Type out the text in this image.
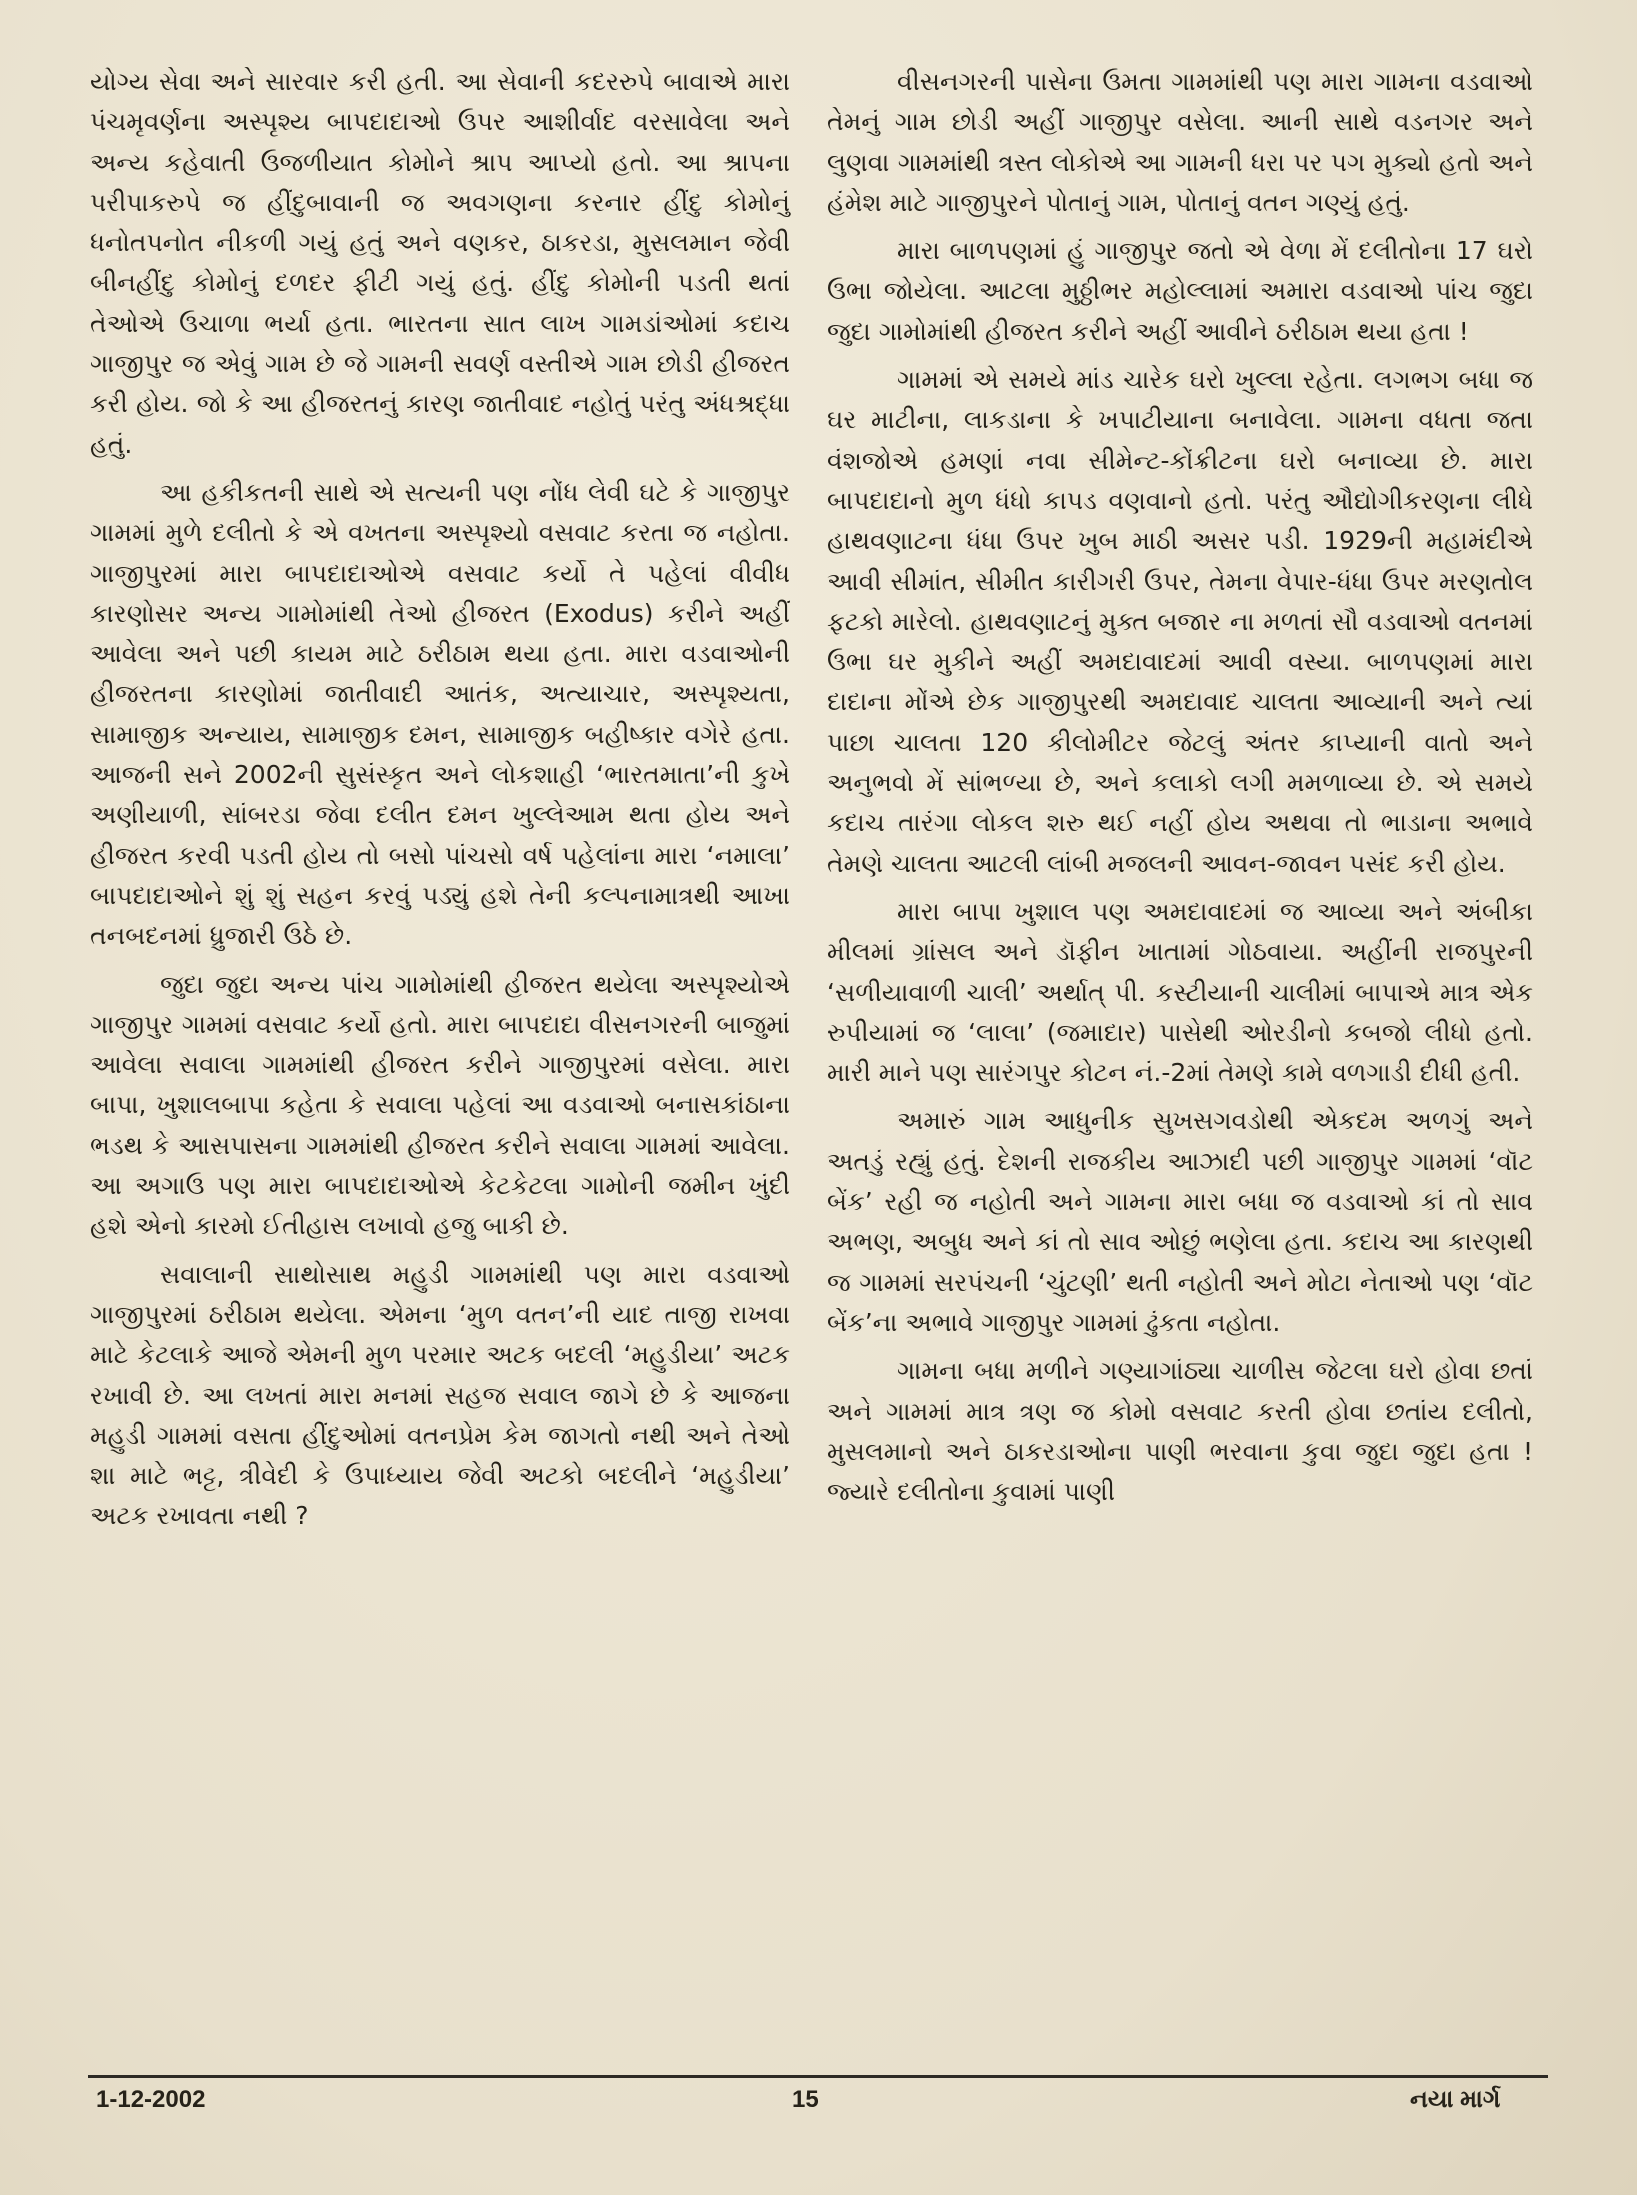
યોગ્ય સેવા અને સારવાર કરી હતી. આ સેવાની કદરરુપે બાવાએ મારા પંચમૃવર્ણના અસ્પૃશ્ય બાપદાદાઓ ઉપર આશીર્વાદ વરસાવેલા અને અન્ય કહેવાતી ઉજળીયાત કોમોને શ્રાપ આપ્યો હતો. આ શ્રાપના પરીપાકરુપે જ હીંદુબાવાની જ અવગણના કરનાર હીંદુ કોમોનું ધનોતપનોત નીકળી ગયું હતું અને વણકર, ઠાકરડા, મુસલમાન જેવી બીનહીંદુ કોમોનું દળદર ફીટી ગયું હતું. હીંદુ કોમોની પડતી થતાં તેઓએ ઉચાળા ભર્યા હતા. ભારતના સાત લાખ ગામડાંઓમાં કદાચ ગાજીપુર જ એવું ગામ છે જે ગામની સવર્ણ વસ્તીએ ગામ છોડી હીજરત કરી હોય. જો કે આ હીજરતનું કારણ જાતીવાદ નહોતું પરંતુ અંધશ્રદ્ધા હતું.

આ હકીકતની સાથે એ સત્યની પણ નોંધ લેવી ઘટે કે ગાજીપુર ગામમાં મુળે દલીતો કે એ વખતના અસ્પૃશ્યો વસવાટ કરતા જ નહોતા. ગાજીપુરમાં મારા બાપદાદાઓએ વસવાટ કર્યો તે પહેલાં વીવીધ કારણોસર અન્ય ગામોમાંથી તેઓ હીજરત (Exodus) કરીને અહીં આવેલા અને પછી કાયમ માટે ઠરીઠામ થયા હતા. મારા વડવાઓની હીજરતના કારણોમાં જાતીવાદી આતંક, અત્યાચાર, અસ્પૃશ્યતા, સામાજીક અન્યાય, સામાજીક દમન, સામાજીક બહીષ્કાર વગેરે હતા. આજની સને 2002ની સુસંસ્કૃત અને લોકશાહી ‘ભારતમાતા’ની કુખે અણીયાળી, સાંબરડા જેવા દલીત દમન ખુલ્લેઆમ થતા હોય અને હીજરત કરવી પડતી હોય તો બસો પાંચસો વર્ષ પહેલાંના મારા ‘નમાલા’ બાપદાદાઓને શું શું સહન કરવું પડ્યું હશે તેની કલ્પનામાત્રથી આખા તનબદનમાં ધ્રુજારી ઉઠે છે.

જુદા જુદા અન્ય પાંચ ગામોમાંથી હીજરત થયેલા અસ્પૃશ્યોએ ગાજીપુર ગામમાં વસવાટ કર્યો હતો. મારા બાપદાદા વીસનગરની બાજુમાં આવેલા સવાલા ગામમાંથી હીજરત કરીને ગાજીપુરમાં વસેલા. મારા બાપા, ખુશાલબાપા કહેતા કે સવાલા પહેલાં આ વડવાઓ બનાસકાંઠાના ભડથ કે આસપાસના ગામમાંથી હીજરત કરીને સવાલા ગામમાં આવેલા. આ અગાઉ પણ મારા બાપદાદાઓએ કેટકેટલા ગામોની જમીન ખુંદી હશે એનો કારમો ઈતીહાસ લખાવો હજુ બાકી છે.

સવાલાની સાથોસાથ મહુડી ગામમાંથી પણ મારા વડવાઓ ગાજીપુરમાં ઠરીઠામ થયેલા. એમના ‘મુળ વતન’ની યાદ તાજી રાખવા માટે કેટલાકે આજે એમની મુળ પરમાર અટક બદલી ‘મહુડીયા’ અટક રખાવી છે. આ લખતાં મારા મનમાં સહજ સવાલ જાગે છે કે આજના મહુડી ગામમાં વસતા હીંદુઓમાં વતનપ્રેમ કેમ જાગતો નથી અને તેઓ શા માટે ભટ્ટ, ત્રીવેદી કે ઉપાધ્યાય જેવી અટકો બદલીને ‘મહુડીયા’ અટક રખાવતા નથી ?

વીસનગરની પાસેના ઉમતા ગામમાંથી પણ મારા ગામના વડવાઓ તેમનું ગામ છોડી અહીં ગાજીપુર વસેલા. આની સાથે વડનગર અને લુણવા ગામમાંથી ત્રસ્ત લોકોએ આ ગામની ધરા પર પગ મુક્યો હતો અને હંમેશ માટે ગાજીપુરને પોતાનું ગામ, પોતાનું વતન ગણ્યું હતું.

મારા બાળપણમાં હું ગાજીપુર જતો એ વેળા મેં દલીતોના 17 ઘરો ઉભા જોયેલા. આટલા મુઠ્ઠીભર મહોલ્લામાં અમારા વડવાઓ પાંચ જુદા જુદા ગામોમાંથી હીજરત કરીને અહીં આવીને ઠરીઠામ થયા હતા !

ગામમાં એ સમયે માંડ ચારેક ઘરો ખુલ્લા રહેતા. લગભગ બધા જ ઘર માટીના, લાકડાના કે ખપાટીયાના બનાવેલા. ગામના વધતા જતા વંશજોએ હમણાં નવા સીમેન્ટ-કોંક્રીટના ઘરો બનાવ્યા છે. મારા બાપદાદાનો મુળ ધંધો કાપડ વણવાનો હતો. પરંતુ ઔદ્યોગીકરણના લીધે હાથવણાટના ધંધા ઉપર ખુબ માઠી અસર પડી. 1929ની મહામંદીએ આવી સીમાંત, સીમીત કારીગરી ઉપર, તેમના વેપાર-ધંધા ઉપર મરણતોલ ફટકો મારેલો. હાથવણાટનું મુક્ત બજાર ના મળતાં સૌ વડવાઓ વતનમાં ઉભા ઘર મુકીને અહીં અમદાવાદમાં આવી વસ્યા. બાળપણમાં મારા દાદાના મોંએ છેક ગાજીપુરથી અમદાવાદ ચાલતા આવ્યાની અને ત્યાં પાછા ચાલતા 120 કીલોમીટર જેટલું અંતર કાપ્યાની વાતો અને અનુભવો મેં સાંભળ્યા છે, અને કલાકો લગી મમળાવ્યા છે. એ સમયે કદાચ તારંગા લોકલ શરુ થઈ નહીં હોય અથવા તો ભાડાના અભાવે તેમણે ચાલતા આટલી લાંબી મજલની આવન-જાવન પસંદ કરી હોય.

મારા બાપા ખુશાલ પણ અમદાવાદમાં જ આવ્યા અને અંબીકા મીલમાં ગ્રાંસલ અને ડૉફીન ખાતામાં ગોઠવાયા. અહીંની રાજપુરની ‘સળીયાવાળી ચાલી’ અર્થાત્ પી. કસ્ટીયાની ચાલીમાં બાપાએ માત્ર એક રુપીયામાં જ ‘લાલા’ (જમાદાર) પાસેથી ઓરડીનો કબજો લીધો હતો. મારી માને પણ સારંગપુર કોટન નં.-2માં તેમણે કામે વળગાડી દીધી હતી.

અમારું ગામ આધુનીક સુખસગવડોથી એકદમ અળગું અને અતડું રહ્યું હતું. દેશની રાજકીય આઝાદી પછી ગાજીપુર ગામમાં ‘વૉટ બેંક’ રહી જ નહોતી અને ગામના મારા બધા જ વડવાઓ કાં તો સાવ અભણ, અબુધ અને કાં તો સાવ ઓછું ભણેલા હતા. કદાચ આ કારણથી જ ગામમાં સરપંચની ‘ચુંટણી’ થતી નહોતી અને મોટા નેતાઓ પણ ‘વૉટ બેંક’ના અભાવે ગાજીપુર ગામમાં ઢુંકતા નહોતા.

ગામના બધા મળીને ગણ્યાગાંઠ્યા ચાળીસ જેટલા ઘરો હોવા છતાં અને ગામમાં માત્ર ત્રણ જ કોમો વસવાટ કરતી હોવા છતાંય દલીતો, મુસલમાનો અને ઠાકરડાઓના પાણી ભરવાના કુવા જુદા જુદા હતા ! જ્યારે દલીતોના કુવામાં પાણી

1-12-2002	15	નયા માર્ગ
